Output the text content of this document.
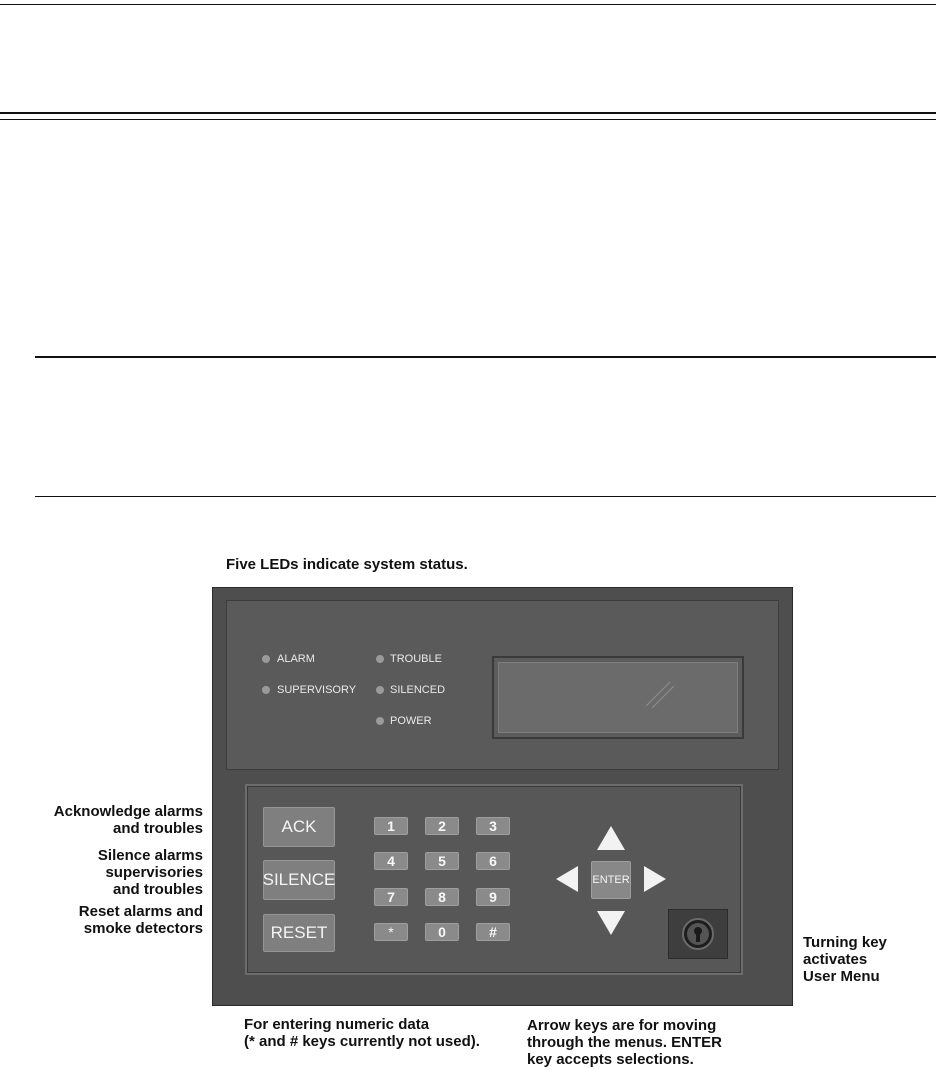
Five LEDs indicate system status.
Acknowledge alarms
and troubles
Silence alarms
supervisories
and troubles
Reset alarms and
smoke detectors
Turning key
activates
User Menu
For entering numeric data
(* and # keys currently not used).
Arrow keys are for moving
through the menus. ENTER
key accepts selections.
ALARM
SUPERVISORY
TROUBLE
SILENCED
POWER
ACK
SILENCE
RESET
1	2	3
4	5	6
7	8	9
*	0	#
ENTER
